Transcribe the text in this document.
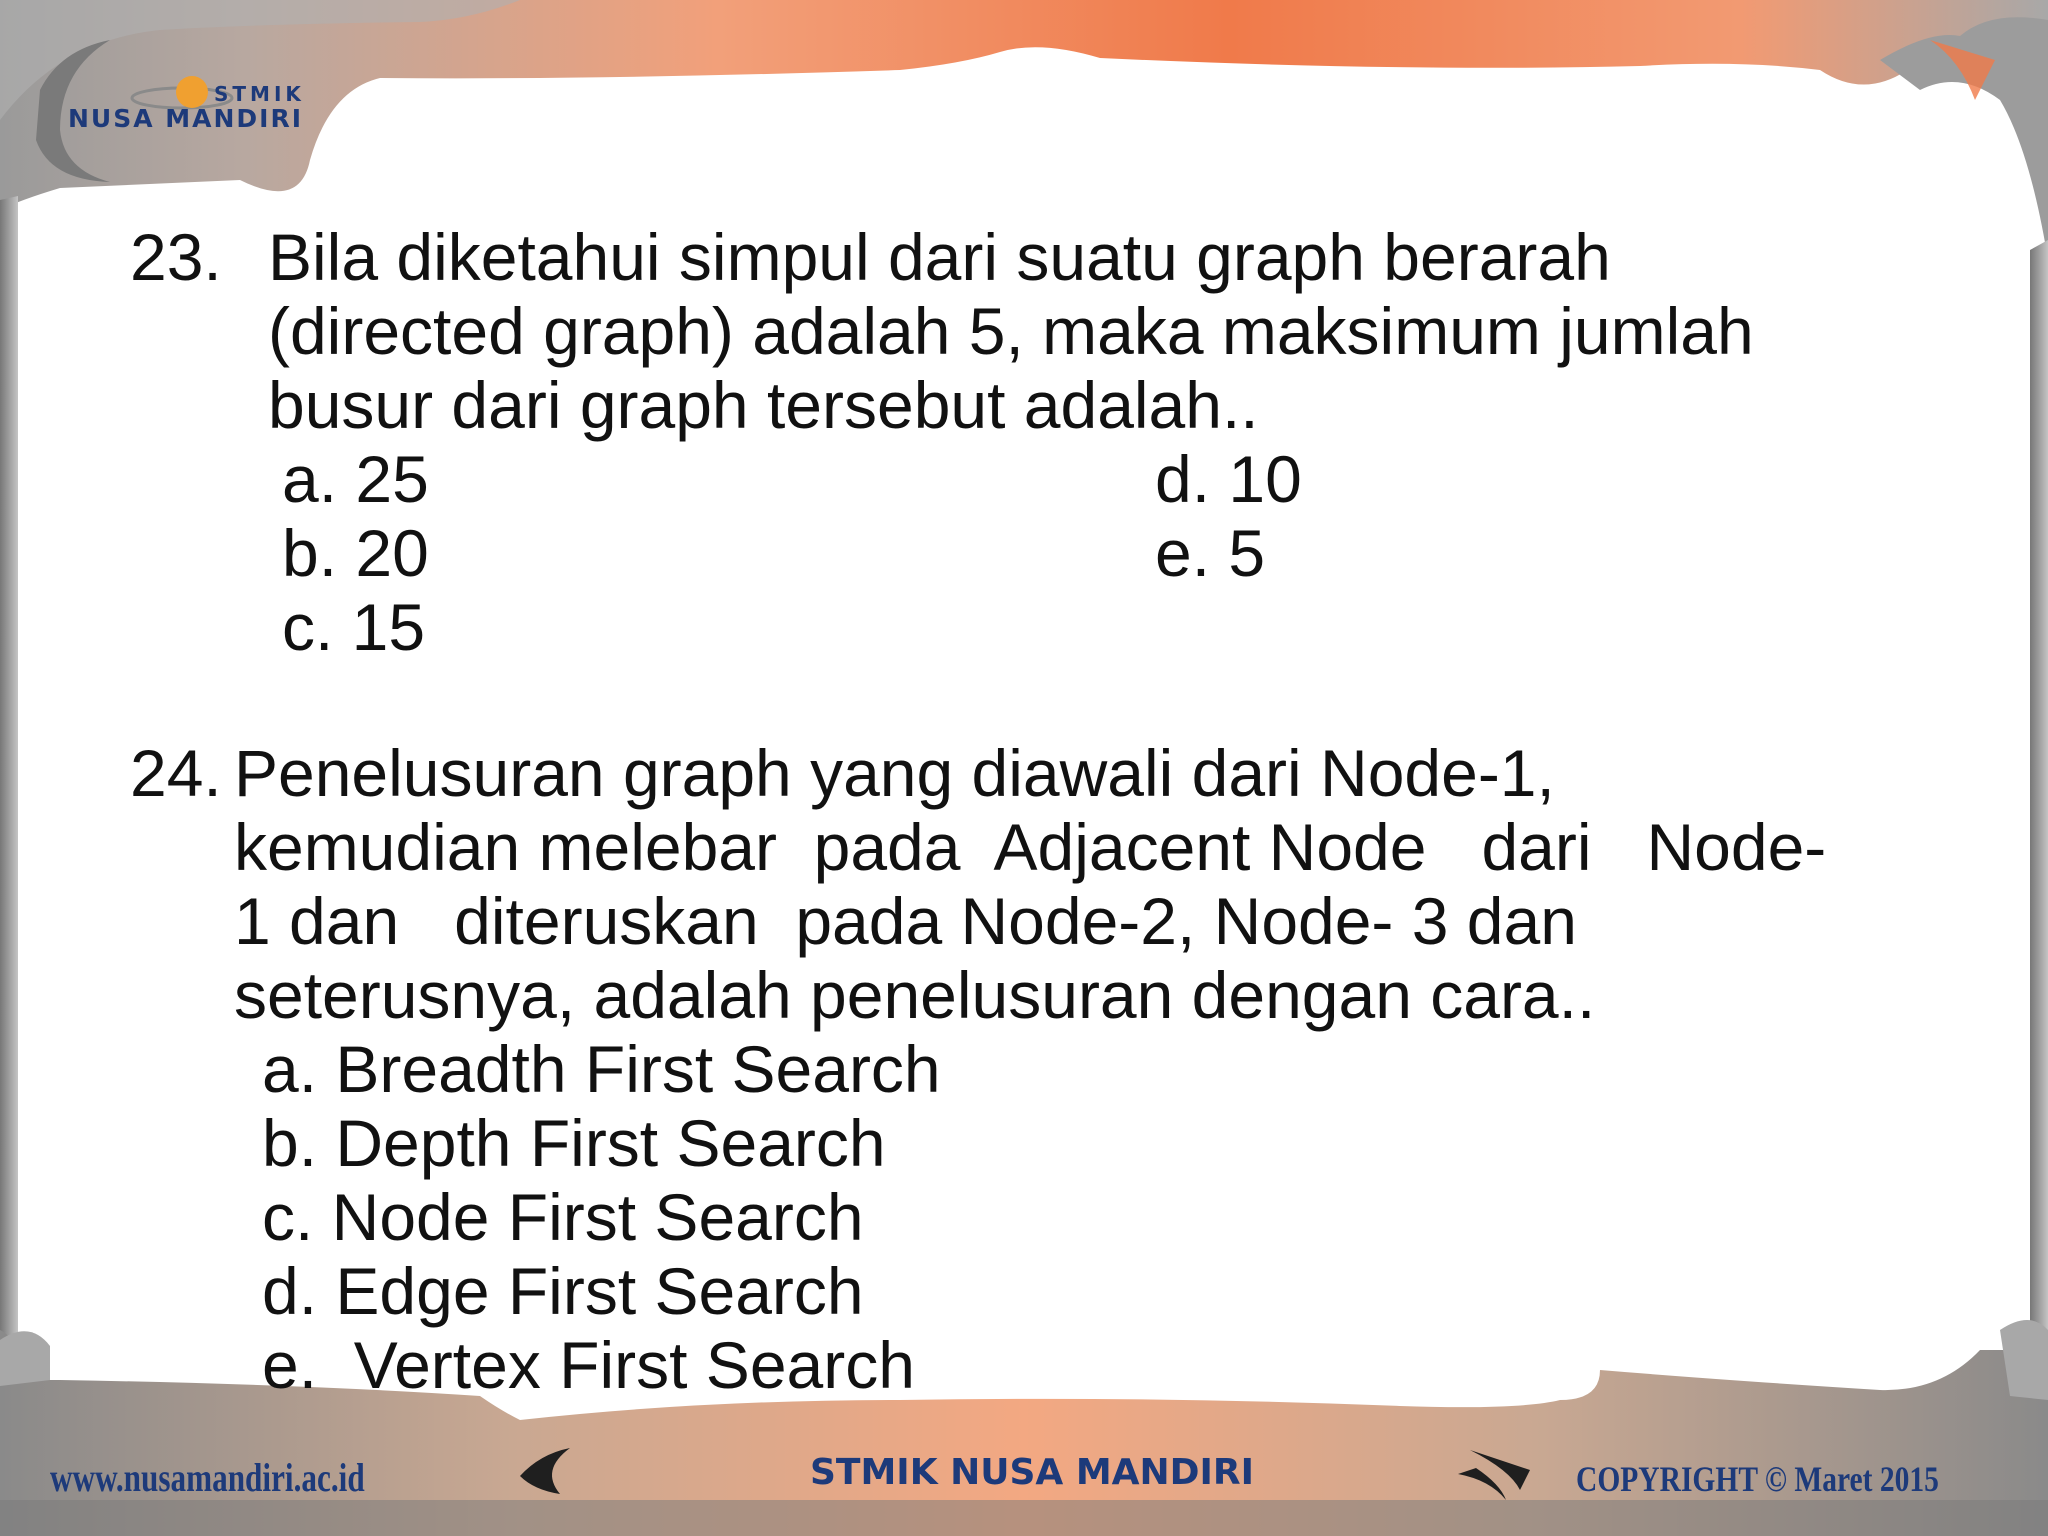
STMIK
NUSA MANDIRI
23. Bila diketahui simpul dari suatu graph berarah
(directed graph) adalah 5, maka maksimum jumlah
busur dari graph tersebut adalah..
a. 25
b. 20
c. 15
d. 10
e. 5
24. Penelusuran graph yang diawali dari Node-1,
kemudian melebar  pada  Adjacent Node   dari   Node-
1 dan   diteruskan  pada Node-2, Node- 3 dan
seterusnya, adalah penelusuran dengan cara..
a. Breadth First Search
b. Depth First Search
c. Node First Search
d. Edge First Search
e.  Vertex First Search
www.nusamandiri.ac.id	STMIK NUSA MANDIRI	COPYRIGHT © Maret 2015
